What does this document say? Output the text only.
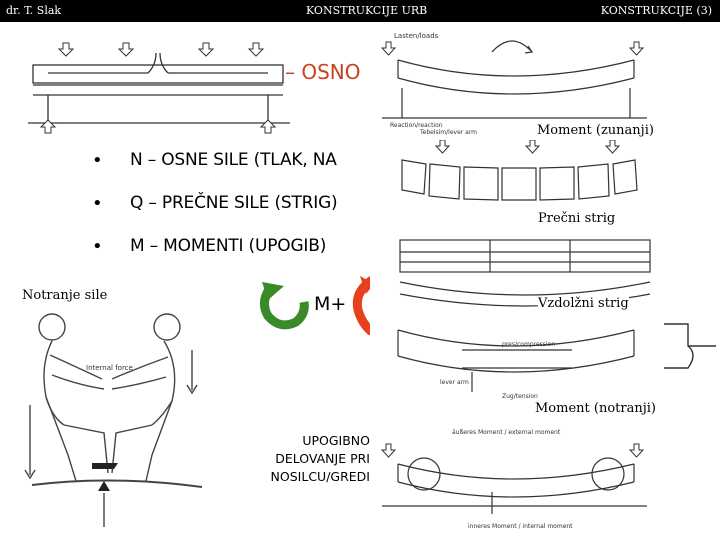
dr. T. Slak	KONSTRUKCIJE URB	KONSTRUKCIJE (3)
– OSNO
• N – OSNE SILE (TLAK, NA
• Q – PREČNE SILE (STRIG)
• M – MOMENTI (UPOGIB)
Notranje sile
Internal force
M+
UPOGIBNO
DELOVANJE PRI
NOSILCU/GREDI
Lasten/loads
Reaction/reaction
Tebelsim/lever arm	Moment (zunanji)
Prečni strig
Vzdolžni strig
pres/compression
lever arm
Zug/tension
Moment (notranji)
äußeres Moment / external moment
inneres Moment / internal moment
